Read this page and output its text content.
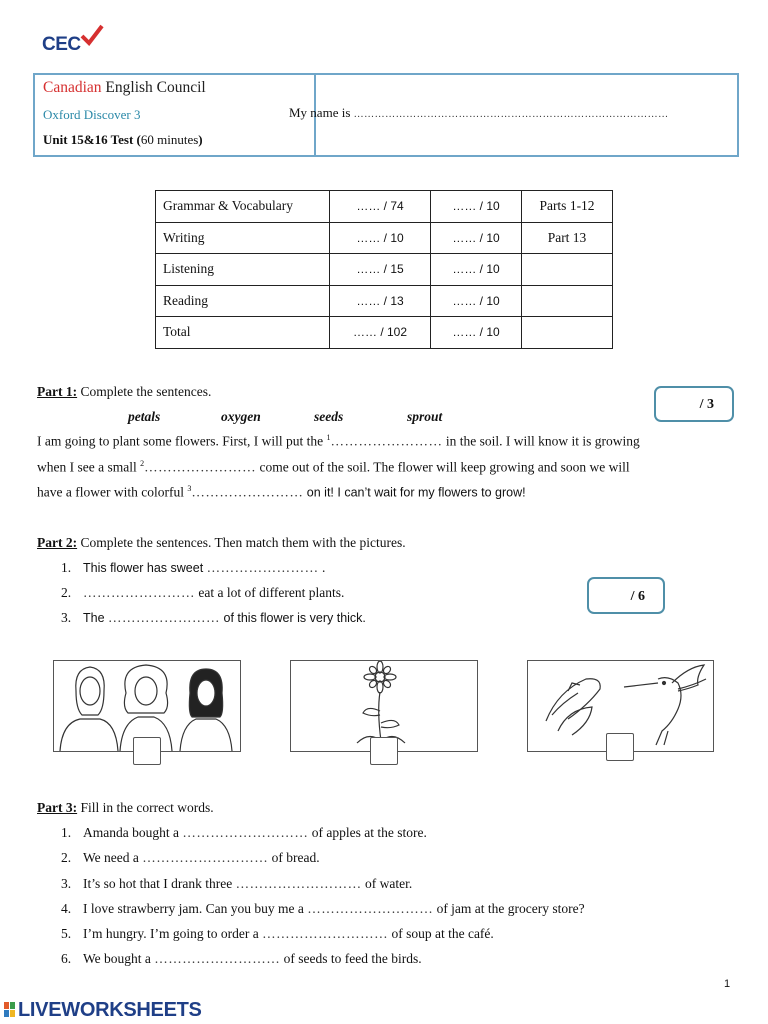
CEC
Canadian English Council
Oxford Discover 3
Unit 15&16 Test (60 minutes)
My name is ………………………………………………………………………………
Grammar & Vocabulary	…… / 74	…… / 10	Parts 1-12
Writing	…… / 10	…… / 10	Part 13
Listening	…… / 15	…… / 10	
Reading	…… / 13	…… / 10	
Total	…… / 102	…… / 10	
Part 1: Complete the sentences.
petals	oxygen	seeds	sprout
/ 3
I am going to plant some flowers. First, I will put the $^1$…………………… in the soil. I will know it is growing
when I see a small $^2$…………………… come out of the soil. The flower will keep growing and soon we will
have a flower with colorful $^3$…………………… on it! I can’t wait for my flowers to grow!
Part 2: Complete the sentences. Then match them with the pictures.
1. This flower has sweet …………………… .
2. …………………… eat a lot of different plants.
3. The …………………… of this flower is very thick.
/ 6
Part 3: Fill in the correct words.
1. Amanda bought a ……………………… of apples at the store.
2. We need a ……………………… of bread.
3. It’s so hot that I drank three ……………………… of water.
4. I love strawberry jam. Can you buy me a ……………………… of jam at the grocery store?
5. I’m hungry. I’m going to order a ……………………… of soup at the café.
6. We bought a ……………………… of seeds to feed the birds.
1
LIVEWORKSHEETS
